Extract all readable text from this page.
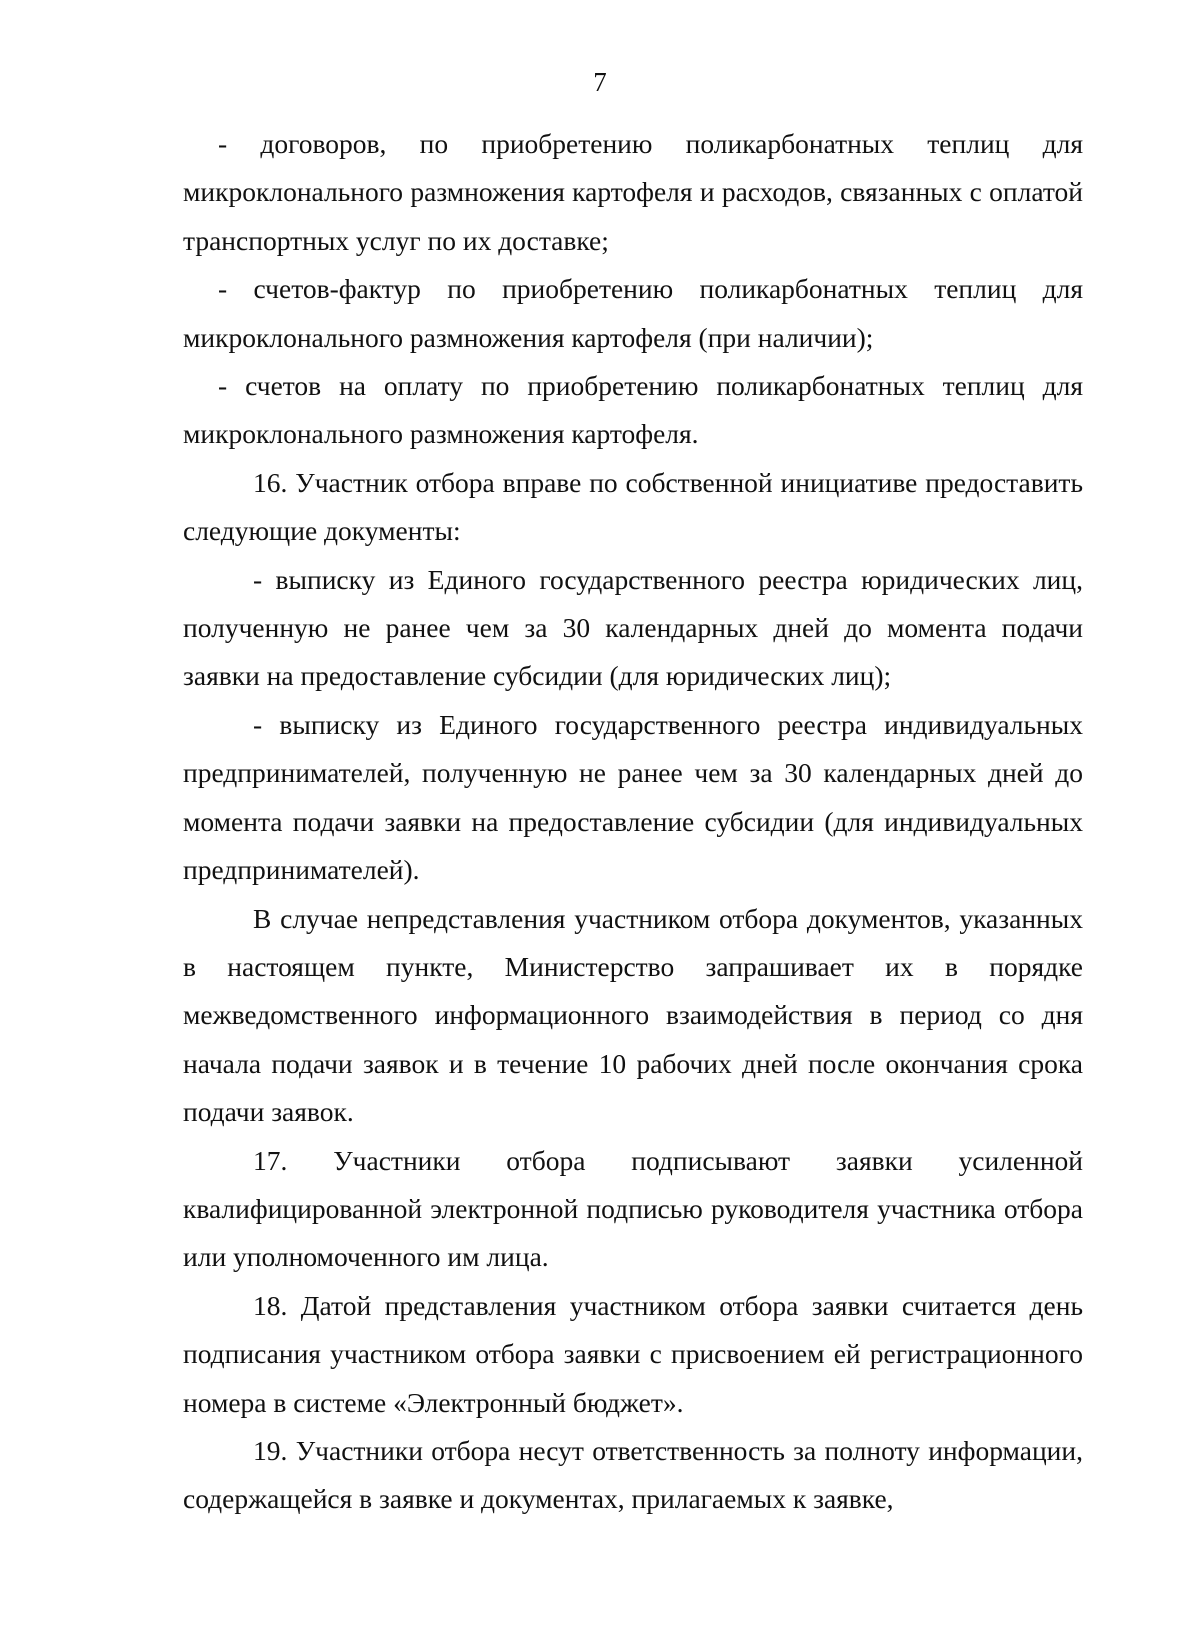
7

- договоров, по приобретению поликарбонатных теплиц для микроклонального размножения картофеля и расходов, связанных с оплатой транспортных услуг по их доставке;

- счетов-фактур по приобретению поликарбонатных теплиц для микроклонального размножения картофеля (при наличии);

- счетов на оплату по приобретению поликарбонатных теплиц для микроклонального размножения картофеля.

16. Участник отбора вправе по собственной инициативе предоставить следующие документы:

- выписку из Единого государственного реестра юридических лиц, полученную не ранее чем за 30 календарных дней до момента подачи заявки на предоставление субсидии (для юридических лиц);

- выписку из Единого государственного реестра индивидуальных предпринимателей, полученную не ранее чем за 30 календарных дней до момента подачи заявки на предоставление субсидии (для индивидуальных предпринимателей).

В случае непредставления участником отбора документов, указанных в настоящем пункте, Министерство запрашивает их в порядке межведомственного информационного взаимодействия в период со дня начала подачи заявок и в течение 10 рабочих дней после окончания срока подачи заявок.

17. Участники отбора подписывают заявки усиленной квалифицированной электронной подписью руководителя участника отбора или уполномоченного им лица.

18. Датой представления участником отбора заявки считается день подписания участником отбора заявки с присвоением ей регистрационного номера в системе «Электронный бюджет».

19. Участники отбора несут ответственность за полноту информации, содержащейся в заявке и документах, прилагаемых к заявке,
